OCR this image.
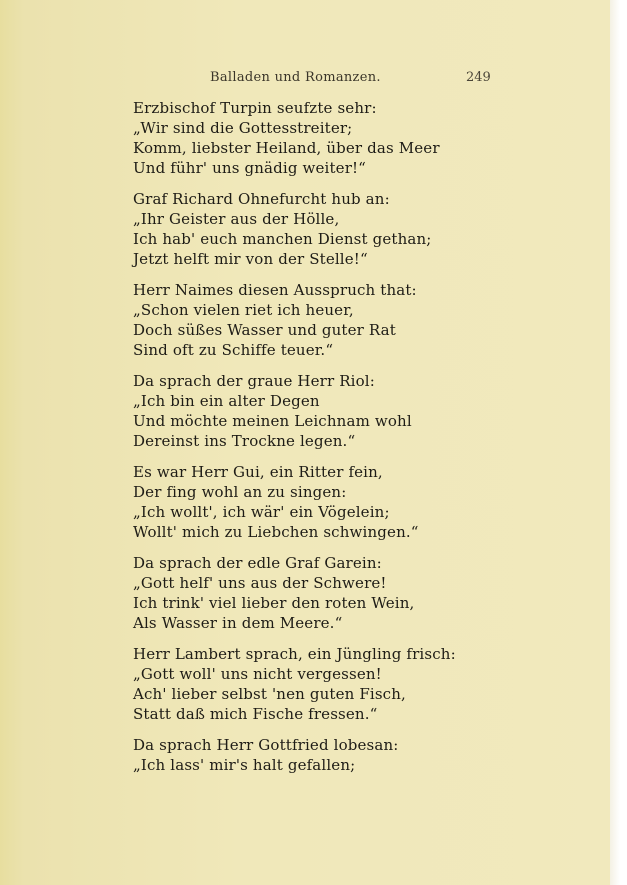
Balladen und Romanzen.	249
Erzbischof Turpin seufzte sehr:
„Wir sind die Gottesstreiter;
Komm, liebster Heiland, über das Meer
Und führ' uns gnädig weiter!“
Graf Richard Ohnefurcht hub an:
„Ihr Geister aus der Hölle,
Ich hab' euch manchen Dienst gethan;
Jetzt helft mir von der Stelle!“
Herr Naimes diesen Ausspruch that:
„Schon vielen riet ich heuer,
Doch süßes Wasser und guter Rat
Sind oft zu Schiffe teuer.“
Da sprach der graue Herr Riol:
„Ich bin ein alter Degen
Und möchte meinen Leichnam wohl
Dereinst ins Trockne legen.“
Es war Herr Gui, ein Ritter fein,
Der fing wohl an zu singen:
„Ich wollt', ich wär' ein Vögelein;
Wollt' mich zu Liebchen schwingen.“
Da sprach der edle Graf Garein:
„Gott helf' uns aus der Schwere!
Ich trink' viel lieber den roten Wein,
Als Wasser in dem Meere.“
Herr Lambert sprach, ein Jüngling frisch:
„Gott woll' uns nicht vergessen!
Ach' lieber selbst 'nen guten Fisch,
Statt daß mich Fische fressen.“
Da sprach Herr Gottfried lobesan:
„Ich lass' mir's halt gefallen;
